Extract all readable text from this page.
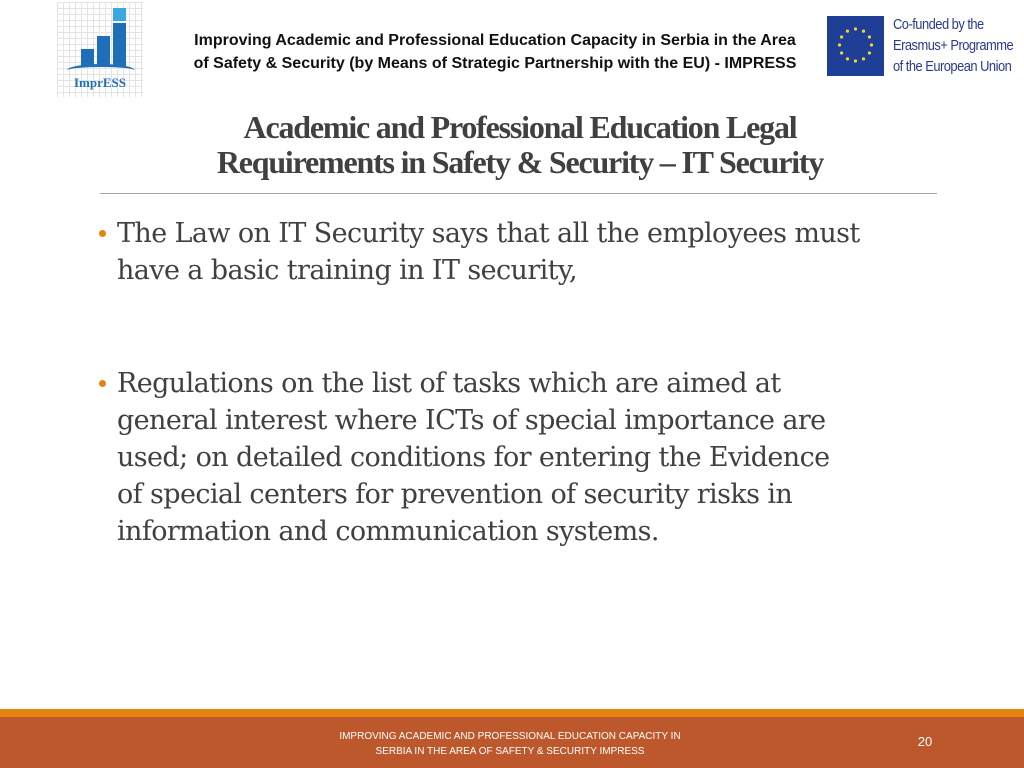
ImprESS
Improving Academic and Professional Education Capacity in Serbia in the Area of Safety & Security (by Means of Strategic Partnership with the EU) - IMPRESS
Co-funded by the
Erasmus+ Programme
of the European Union
Academic and Professional Education Legal
Requirements in Safety & Security – IT Security
The Law on IT Security says that all the employees must
have a basic training in IT security,
Regulations on the list of tasks which are aimed at
general interest where ICTs of special importance are
used; on detailed conditions for entering the Evidence
of special centers for prevention of security risks in
information and communication systems.
IMPROVING ACADEMIC AND PROFESSIONAL EDUCATION CAPACITY IN
SERBIA IN THE AREA OF SAFETY & SECURITY IMPRESS
20
